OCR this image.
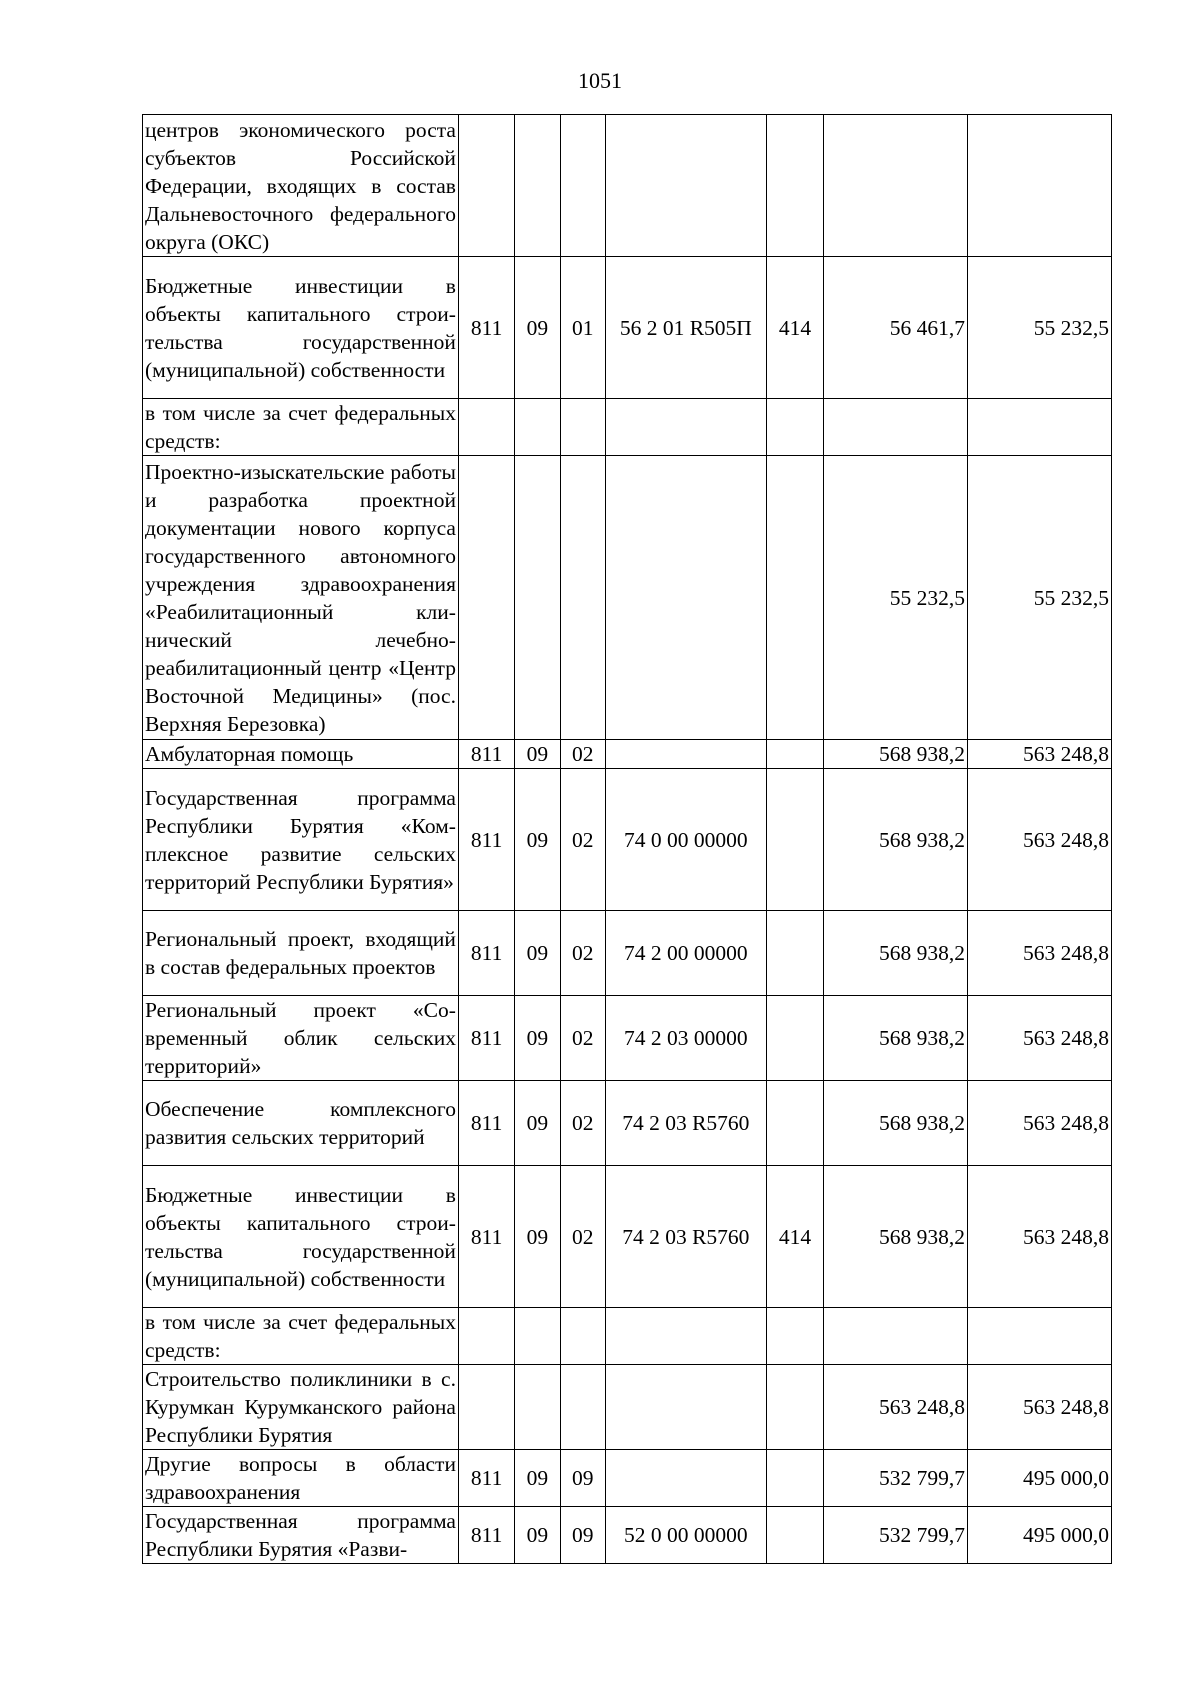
1051
центров экономического роста субъектов Российской Федерации, входящих в состав Дальневосточного федерального округа (ОКС)							
Бюджетные инвестиции в объекты капитального строительства государственной (муниципальной) собственности	811	09	01	56 2 01 R505П	414	56 461,7	55 232,5
в том числе за счет федеральных средств:							
Проектно-изыскательские работы и разработка проектной документации нового корпуса государственного автономного учреждения здравоохранения «Реабилитационный клинический лечебно-реабилитационный центр «Центр Восточной Медицины» (пос. Верхняя Березовка)						55 232,5	55 232,5
Амбулаторная помощь	811	09	02			568 938,2	563 248,8
Государственная программа Республики Бурятия «Комплексное развитие сельских территорий Республики Бурятия»	811	09	02	74 0 00 00000		568 938,2	563 248,8
Региональный проект, входящий в состав федеральных проектов	811	09	02	74 2 00 00000		568 938,2	563 248,8
Региональный проект «Современный облик сельских территорий»	811	09	02	74 2 03 00000		568 938,2	563 248,8
Обеспечение комплексного развития сельских территорий	811	09	02	74 2 03 R5760		568 938,2	563 248,8
Бюджетные инвестиции в объекты капитального строительства государственной (муниципальной) собственности	811	09	02	74 2 03 R5760	414	568 938,2	563 248,8
в том числе за счет федеральных средств:							
Строительство поликлиники в с. Курумкан Курумканского района Республики Бурятия						563 248,8	563 248,8
Другие вопросы в области здравоохранения	811	09	09			532 799,7	495 000,0
Государственная программа Республики Бурятия «Разви-	811	09	09	52 0 00 00000		532 799,7	495 000,0
